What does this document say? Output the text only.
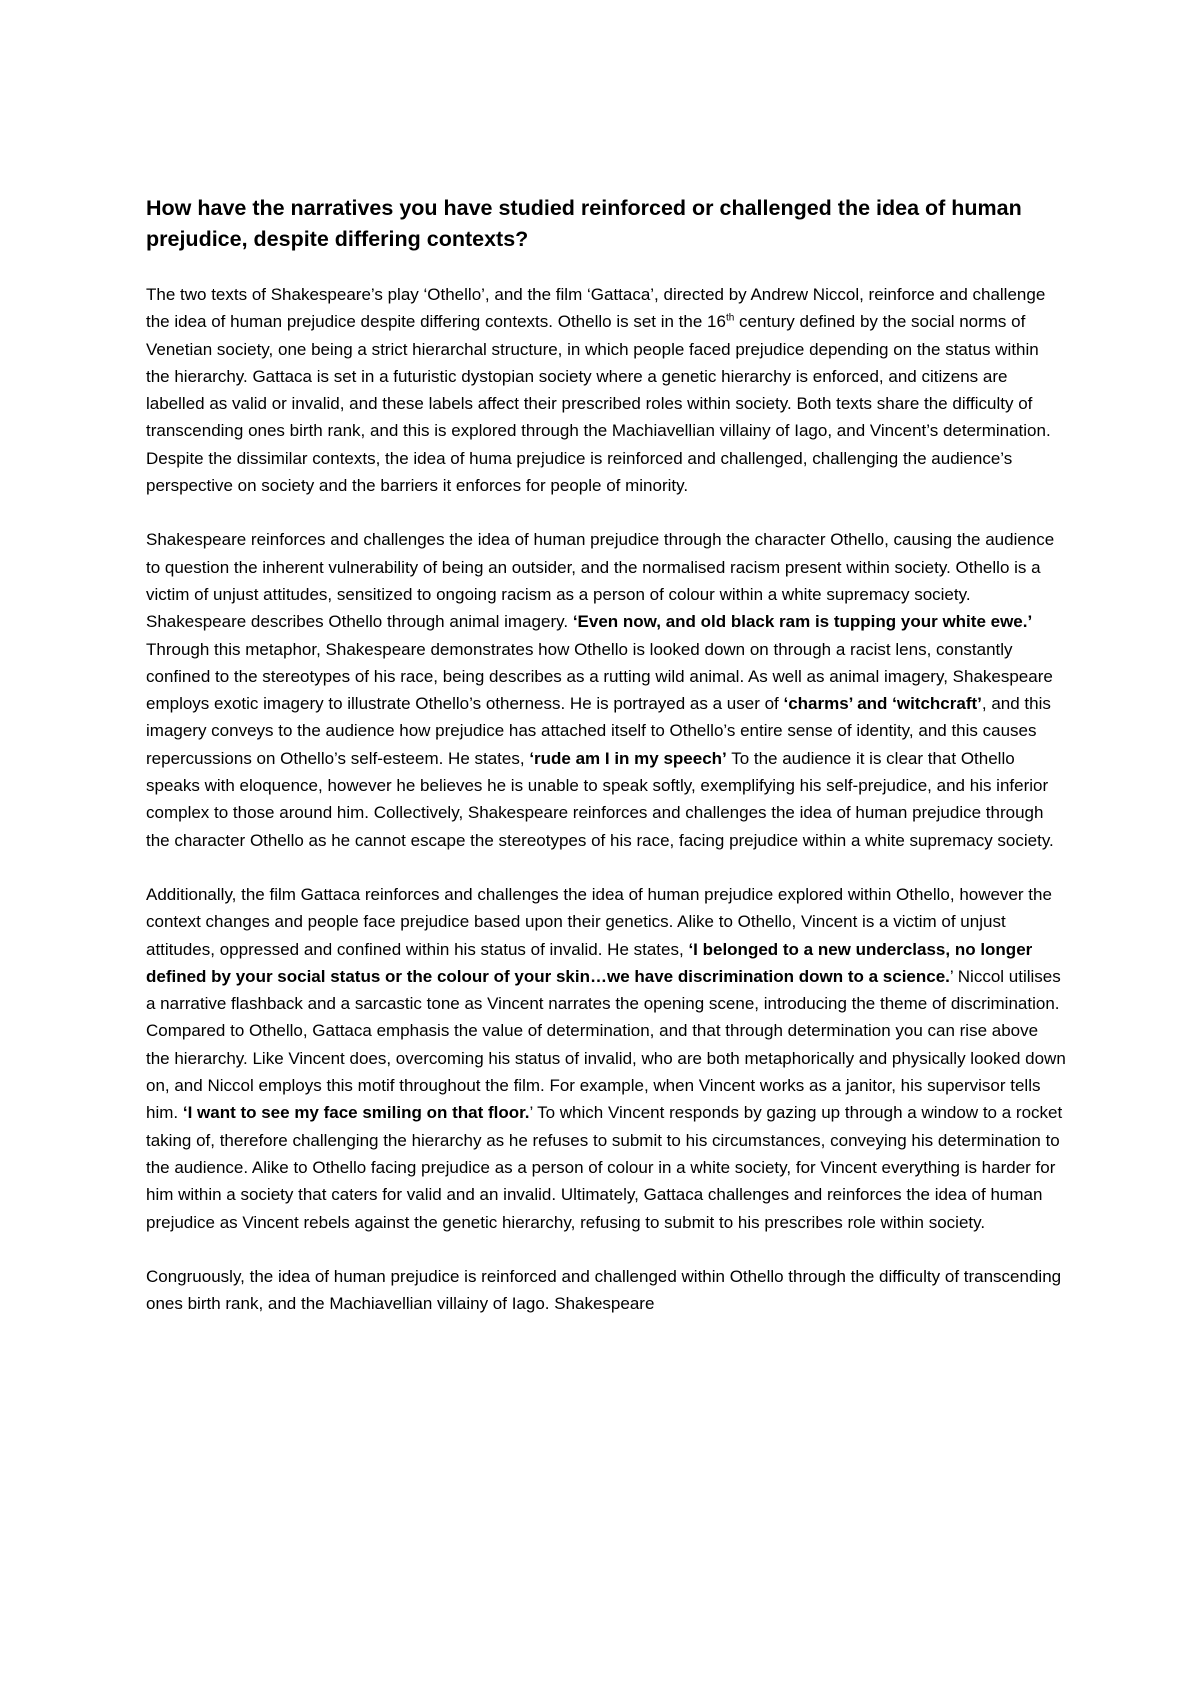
How have the narratives you have studied reinforced or challenged the idea of human prejudice, despite differing contexts?

The two texts of Shakespeare’s play ‘Othello’, and the film ‘Gattaca’, directed by Andrew Niccol, reinforce and challenge the idea of human prejudice despite differing contexts. Othello is set in the 16th century defined by the social norms of Venetian society, one being a strict hierarchal structure, in which people faced prejudice depending on the status within the hierarchy. Gattaca is set in a futuristic dystopian society where a genetic hierarchy is enforced, and citizens are labelled as valid or invalid, and these labels affect their prescribed roles within society. Both texts share the difficulty of transcending ones birth rank, and this is explored through the Machiavellian villainy of Iago, and Vincent’s determination. Despite the dissimilar contexts, the idea of huma prejudice is reinforced and challenged, challenging the audience’s perspective on society and the barriers it enforces for people of minority.

Shakespeare reinforces and challenges the idea of human prejudice through the character Othello, causing the audience to question the inherent vulnerability of being an outsider, and the normalised racism present within society. Othello is a victim of unjust attitudes, sensitized to ongoing racism as a person of colour within a white supremacy society. Shakespeare describes Othello through animal imagery. ‘Even now, and old black ram is tupping your white ewe.’ Through this metaphor, Shakespeare demonstrates how Othello is looked down on through a racist lens, constantly confined to the stereotypes of his race, being describes as a rutting wild animal. As well as animal imagery, Shakespeare employs exotic imagery to illustrate Othello’s otherness. He is portrayed as a user of ‘charms’ and ‘witchcraft’, and this imagery conveys to the audience how prejudice has attached itself to Othello’s entire sense of identity, and this causes repercussions on Othello’s self-esteem. He states, ‘rude am I in my speech’ To the audience it is clear that Othello speaks with eloquence, however he believes he is unable to speak softly, exemplifying his self-prejudice, and his inferior complex to those around him. Collectively, Shakespeare reinforces and challenges the idea of human prejudice through the character Othello as he cannot escape the stereotypes of his race, facing prejudice within a white supremacy society.

Additionally, the film Gattaca reinforces and challenges the idea of human prejudice explored within Othello, however the context changes and people face prejudice based upon their genetics. Alike to Othello, Vincent is a victim of unjust attitudes, oppressed and confined within his status of invalid. He states, ‘I belonged to a new underclass, no longer defined by your social status or the colour of your skin…we have discrimination down to a science.’ Niccol utilises a narrative flashback and a sarcastic tone as Vincent narrates the opening scene, introducing the theme of discrimination. Compared to Othello, Gattaca emphasis the value of determination, and that through determination you can rise above the hierarchy. Like Vincent does, overcoming his status of invalid, who are both metaphorically and physically looked down on, and Niccol employs this motif throughout the film. For example, when Vincent works as a janitor, his supervisor tells him. ‘I want to see my face smiling on that floor.’ To which Vincent responds by gazing up through a window to a rocket taking of, therefore challenging the hierarchy as he refuses to submit to his circumstances, conveying his determination to the audience. Alike to Othello facing prejudice as a person of colour in a white society, for Vincent everything is harder for him within a society that caters for valid and an invalid. Ultimately, Gattaca challenges and reinforces the idea of human prejudice as Vincent rebels against the genetic hierarchy, refusing to submit to his prescribes role within society.

Congruously, the idea of human prejudice is reinforced and challenged within Othello through the difficulty of transcending ones birth rank, and the Machiavellian villainy of Iago. Shakespeare
